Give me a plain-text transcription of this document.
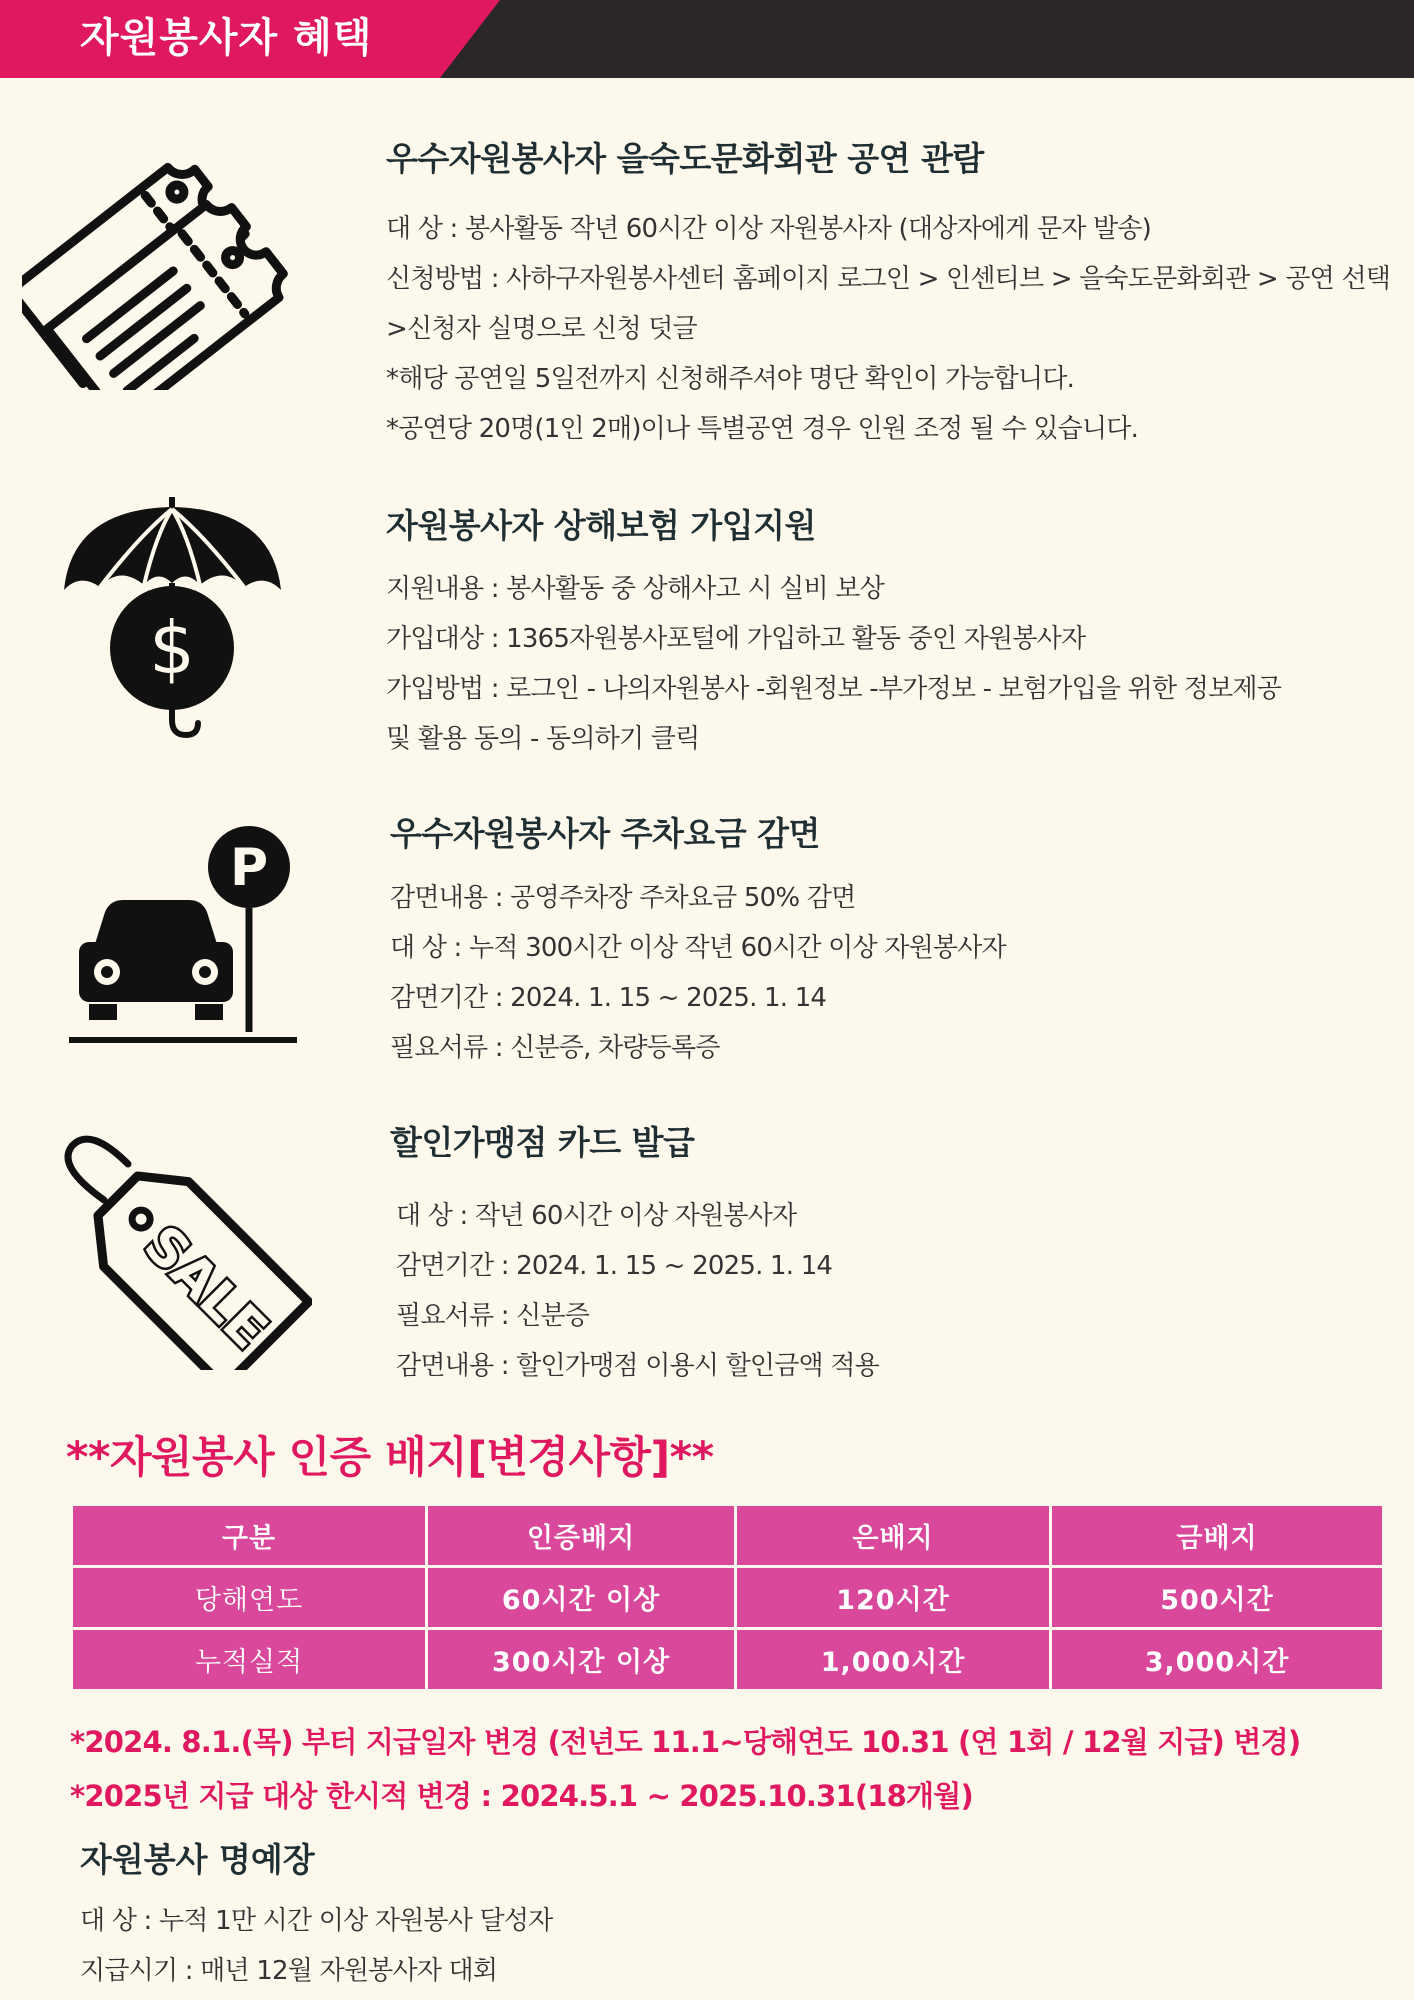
자원봉사자 혜택
우수자원봉사자 을숙도문화회관 공연 관람
대 상 : 봉사활동 작년 60시간 이상 자원봉사자 (대상자에게 문자 발송)
신청방법 : 사하구자원봉사센터 홈페이지 로그인 > 인센티브 > 을숙도문화회관 > 공연 선택
>신청자 실명으로 신청 덧글
*해당 공연일 5일전까지 신청해주셔야 명단 확인이 가능합니다.
*공연당 20명(1인 2매)이나 특별공연 경우 인원 조정 될 수 있습니다.
$
자원봉사자 상해보험 가입지원
지원내용 : 봉사활동 중 상해사고 시 실비 보상
가입대상 : 1365자원봉사포털에 가입하고 활동 중인 자원봉사자
가입방법 : 로그인 - 나의자원봉사 -회원정보 -부가정보 - 보험가입을 위한 정보제공
및 활용 동의 - 동의하기 클릭
P
우수자원봉사자 주차요금 감면
감면내용 : 공영주차장 주차요금 50% 감면
대 상 : 누적 300시간 이상 작년 60시간 이상 자원봉사자
감면기간 : 2024. 1. 15 ~ 2025. 1. 14
필요서류 : 신분증, 차량등록증
SALE
할인가맹점 카드 발급
대 상 : 작년 60시간 이상 자원봉사자
감면기간 : 2024. 1. 15 ~ 2025. 1. 14
필요서류 : 신분증
감면내용 : 할인가맹점 이용시 할인금액 적용
**자원봉사 인증 배지[변경사항]**
구분	인증배지	은배지	금배지
당해연도	60시간 이상	120시간	500시간
누적실적	300시간 이상	1,000시간	3,000시간
*2024. 8.1.(목) 부터 지급일자 변경 (전년도 11.1~당해연도 10.31 (연 1회 / 12월 지급) 변경)
*2025년 지급 대상 한시적 변경 : 2024.5.1 ~ 2025.10.31(18개월)
자원봉사 명예장
대 상 : 누적 1만 시간 이상 자원봉사 달성자
지급시기 : 매년 12월 자원봉사자 대회
